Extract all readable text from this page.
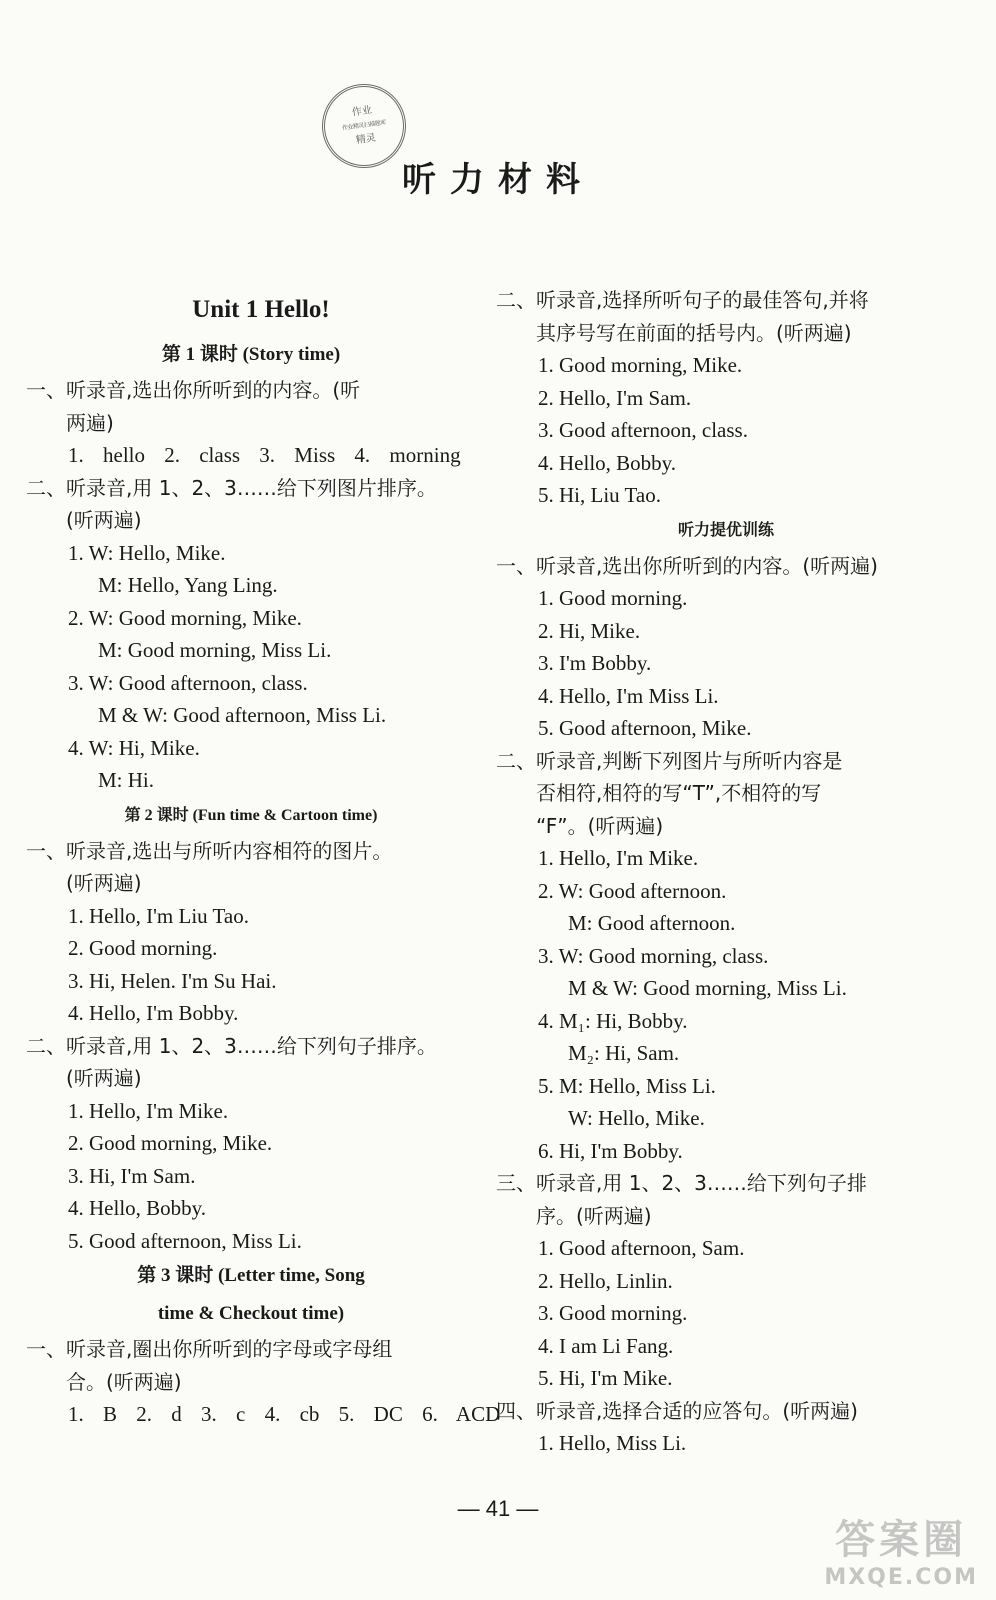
作业
作业精灵扫描题库
精灵
听力材料
Unit 1 Hello!
第 1 课时 (Story time)
一、听录音,选出你所听到的内容。(听
两遍)
1. hello 2. class 3. Miss 4. morning
二、听录音,用 1、2、3……给下列图片排序。
(听两遍)
1. W: Hello, Mike.
M: Hello, Yang Ling.
2. W: Good morning, Mike.
M: Good morning, Miss Li.
3. W: Good afternoon, class.
M & W: Good afternoon, Miss Li.
4. W: Hi, Mike.
M: Hi.
第 2 课时 (Fun time & Cartoon time)
一、听录音,选出与所听内容相符的图片。
(听两遍)
1. Hello, I'm Liu Tao.
2. Good morning.
3. Hi, Helen. I'm Su Hai.
4. Hello, I'm Bobby.
二、听录音,用 1、2、3……给下列句子排序。
(听两遍)
1. Hello, I'm Mike.
2. Good morning, Mike.
3. Hi, I'm Sam.
4. Hello, Bobby.
5. Good afternoon, Miss Li.
第 3 课时 (Letter time, Song
time & Checkout time)
一、听录音,圈出你所听到的字母或字母组
合。(听两遍)
1. B 2. d 3. c 4. cb 5. DC 6. ACD
二、听录音,选择所听句子的最佳答句,并将
其序号写在前面的括号内。(听两遍)
1. Good morning, Mike.
2. Hello, I'm Sam.
3. Good afternoon, class.
4. Hello, Bobby.
5. Hi, Liu Tao.
听力提优训练
一、听录音,选出你所听到的内容。(听两遍)
1. Good morning.
2. Hi, Mike.
3. I'm Bobby.
4. Hello, I'm Miss Li.
5. Good afternoon, Mike.
二、听录音,判断下列图片与所听内容是
否相符,相符的写“T”,不相符的写
“F”。(听两遍)
1. Hello, I'm Mike.
2. W: Good afternoon.
M: Good afternoon.
3. W: Good morning, class.
M & W: Good morning, Miss Li.
4. M₁: Hi, Bobby.
M₂: Hi, Sam.
5. M: Hello, Miss Li.
W: Hello, Mike.
6. Hi, I'm Bobby.
三、听录音,用 1、2、3……给下列句子排
序。(听两遍)
1. Good afternoon, Sam.
2. Hello, Linlin.
3. Good morning.
4. I am Li Fang.
5. Hi, I'm Mike.
四、听录音,选择合适的应答句。(听两遍)
1. Hello, Miss Li.
— 41 —
答案圈
MXQE.COM
